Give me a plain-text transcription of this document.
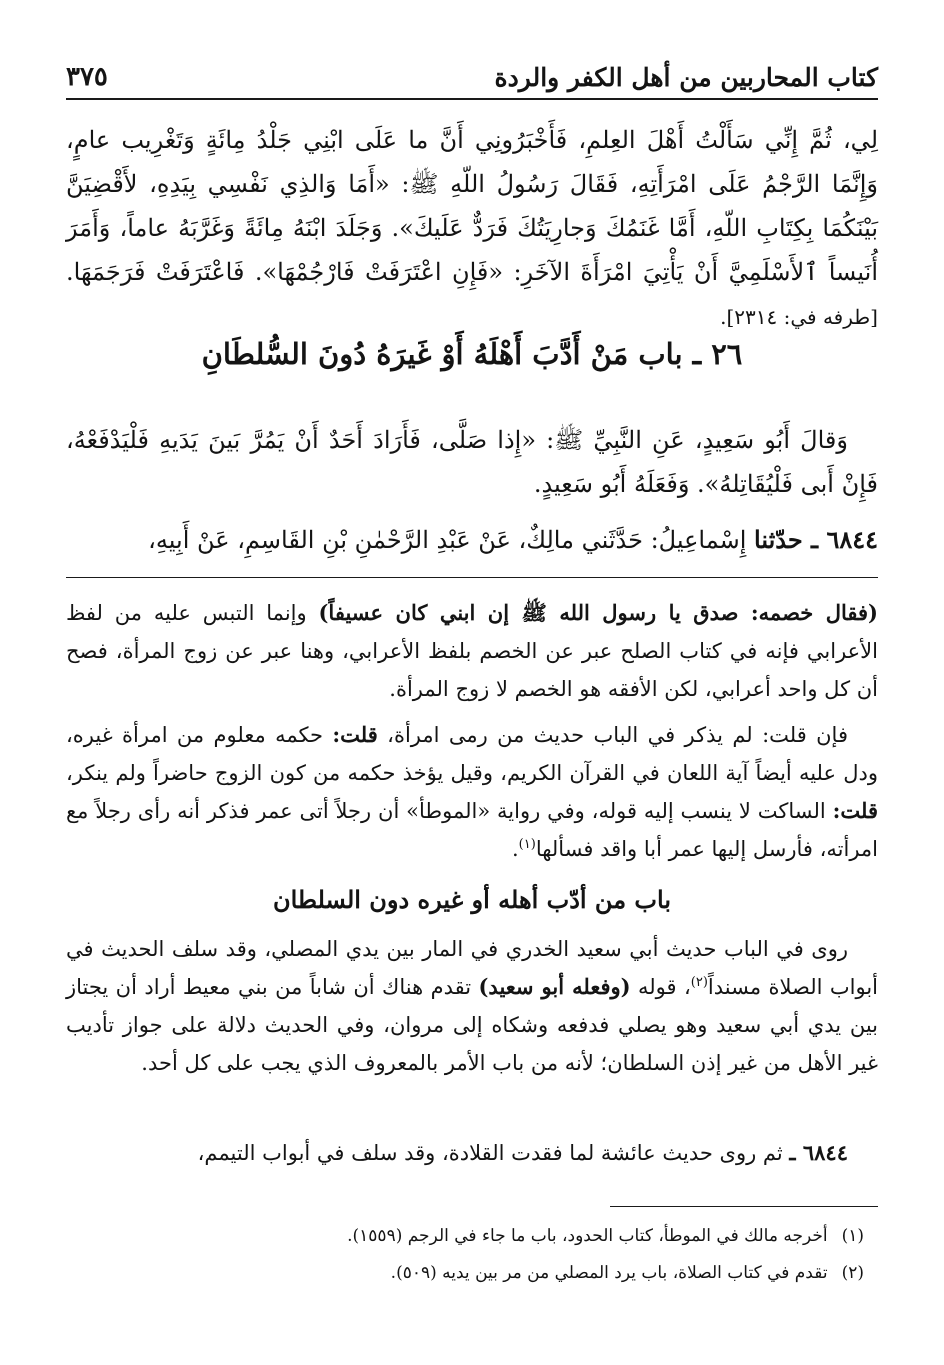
كتاب المحاربين من أهل الكفر والردة
٣٧٥

لِي، ثُمَّ إِنِّي سَأَلْتُ أَهْلَ العِلمِ، فَأَخْبَرُونِي أَنَّ ما عَلَى ابْنِي جَلْدُ مِائَةٍ وَتَغْرِيب عامٍ، وَإِنَّمَا الرَّجْمُ عَلَى امْرَأَتِهِ، فَقَالَ رَسُولُ اللّهِ ﷺ: «أَمَا وَالذِي نَفْسِي بِيَدِهِ، لأَقْضِيَنَّ بَيْنَكُمَا بِكِتَابِ اللّهِ، أَمَّا غَنَمُكَ وَجارِيَتُكَ فَرَدٌّ عَلَيكَ». وَجَلَدَ ابْنَهُ مِائَةً وَغَرَّبَهُ عاماً، وَأَمَرَ أُنَيساً ٱلأَسْلَمِيَّ أَنْ يَأْتِيَ امْرَأَةَ الآخَرِ: «فَإِنِ اعْتَرَفَتْ فَارْجُمْهَا». فَاعْتَرَفَتْ فَرَجَمَهَا. [طرفه في: ٢٣١٤].

٢٦ ـ باب مَنْ أَدَّبَ أَهْلَهُ أَوْ غَيرَهُ دُونَ السُّلطَانِ

وَقالَ أَبُو سَعِيدٍ، عَنِ النَّبِيِّ ﷺ: «إِذا صَلَّى، فَأَرَادَ أَحَدٌ أَنْ يَمُرَّ بَينَ يَدَيهِ فَلْيَدْفَعْهُ، فَإِنْ أَبى فَلْيُقَاتِلهُ». وَفَعَلَهُ أَبُو سَعِيدٍ.

٦٨٤٤ ـ حدّثنا إِسْماعِيلُ: حَدَّثَني مالِكٌ، عَنْ عَبْدِ الرَّحْمٰنِ بْنِ القَاسِمِ، عَنْ أَبِيهِ،

(فقال خصمه: صدق يا رسول الله ﷺ إن ابني كان عسيفاً) وإنما التبس عليه من لفظ الأعرابي فإنه في كتاب الصلح عبر عن الخصم بلفظ الأعرابي، وهنا عبر عن زوج المرأة، فصح أن كل واحد أعرابي، لكن الأفقه هو الخصم لا زوج المرأة.

فإن قلت: لم يذكر في الباب حديث من رمى امرأة، قلت: حكمه معلوم من امرأة غيره، ودل عليه أيضاً آية اللعان في القرآن الكريم، وقيل يؤخذ حكمه من كون الزوج حاضراً ولم ينكر، قلت: الساكت لا ينسب إليه قوله، وفي رواية «الموطأ» أن رجلاً أتى عمر فذكر أنه رأى رجلاً مع امرأته، فأرسل إليها عمر أبا واقد فسألها$^{(١)}$.

باب من أدّب أهله أو غيره دون السلطان

روى في الباب حديث أبي سعيد الخدري في المار بين يدي المصلي، وقد سلف الحديث في أبواب الصلاة مسنداً$^{(٢)}$، قوله (وفعله أبو سعيد) تقدم هناك أن شاباً من بني معيط أراد أن يجتاز بين يدي أبي سعيد وهو يصلي فدفعه وشكاه إلى مروان، وفي الحديث دلالة على جواز تأديب غير الأهل من غير إذن السلطان؛ لأنه من باب الأمر بالمعروف الذي يجب على كل أحد.

٦٨٤٤ ـ ثم روى حديث عائشة لما فقدت القلادة، وقد سلف في أبواب التيمم،

(١)أخرجه مالك في الموطأ، كتاب الحدود، باب ما جاء في الرجم (١٥٥٩).
(٢)تقدم في كتاب الصلاة، باب يرد المصلي من مر بين يديه (٥٠٩).
